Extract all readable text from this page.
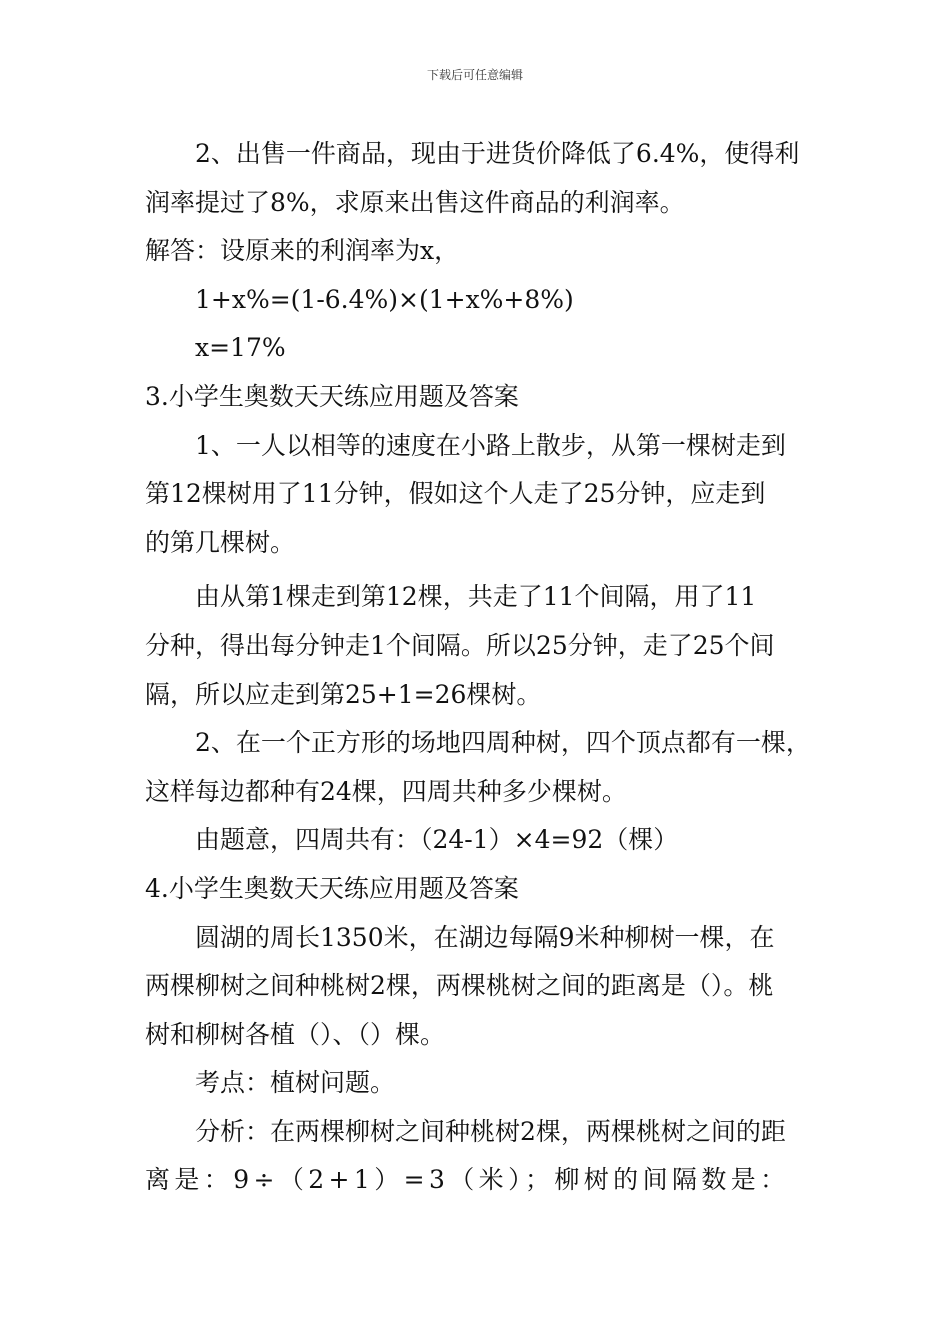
下载后可任意编辑
2、出售一件商品，现由于进货价降低了6.4%，使得利
润率提过了8%，求原来出售这件商品的利润率。
解答：设原来的利润率为x，
1+x%=(1-6.4%)×(1+x%+8%)
x=17%
3.小学生奥数天天练应用题及答案
1、一人以相等的速度在小路上散步，从第一棵树走到
第12棵树用了11分钟，假如这个人走了25分钟，应走到
的第几棵树。
由从第1棵走到第12棵，共走了11个间隔，用了11
分种，得出每分钟走1个间隔。所以25分钟，走了25个间
隔，所以应走到第25+1=26棵树。
2、在一个正方形的场地四周种树，四个顶点都有一棵，
这样每边都种有24棵，四周共种多少棵树。
由题意，四周共有：（24-1）×4=92（棵）
4.小学生奥数天天练应用题及答案
圆湖的周长1350米，在湖边每隔9米种柳树一棵，在
两棵柳树之间种桃树2棵，两棵桃树之间的距离是（）。桃
树和柳树各植（）、（）棵。
考点：植树问题。
分析：在两棵柳树之间种桃树2棵，两棵桃树之间的距
离是：9÷（2+1）=3（米）；柳树的间隔数是：
